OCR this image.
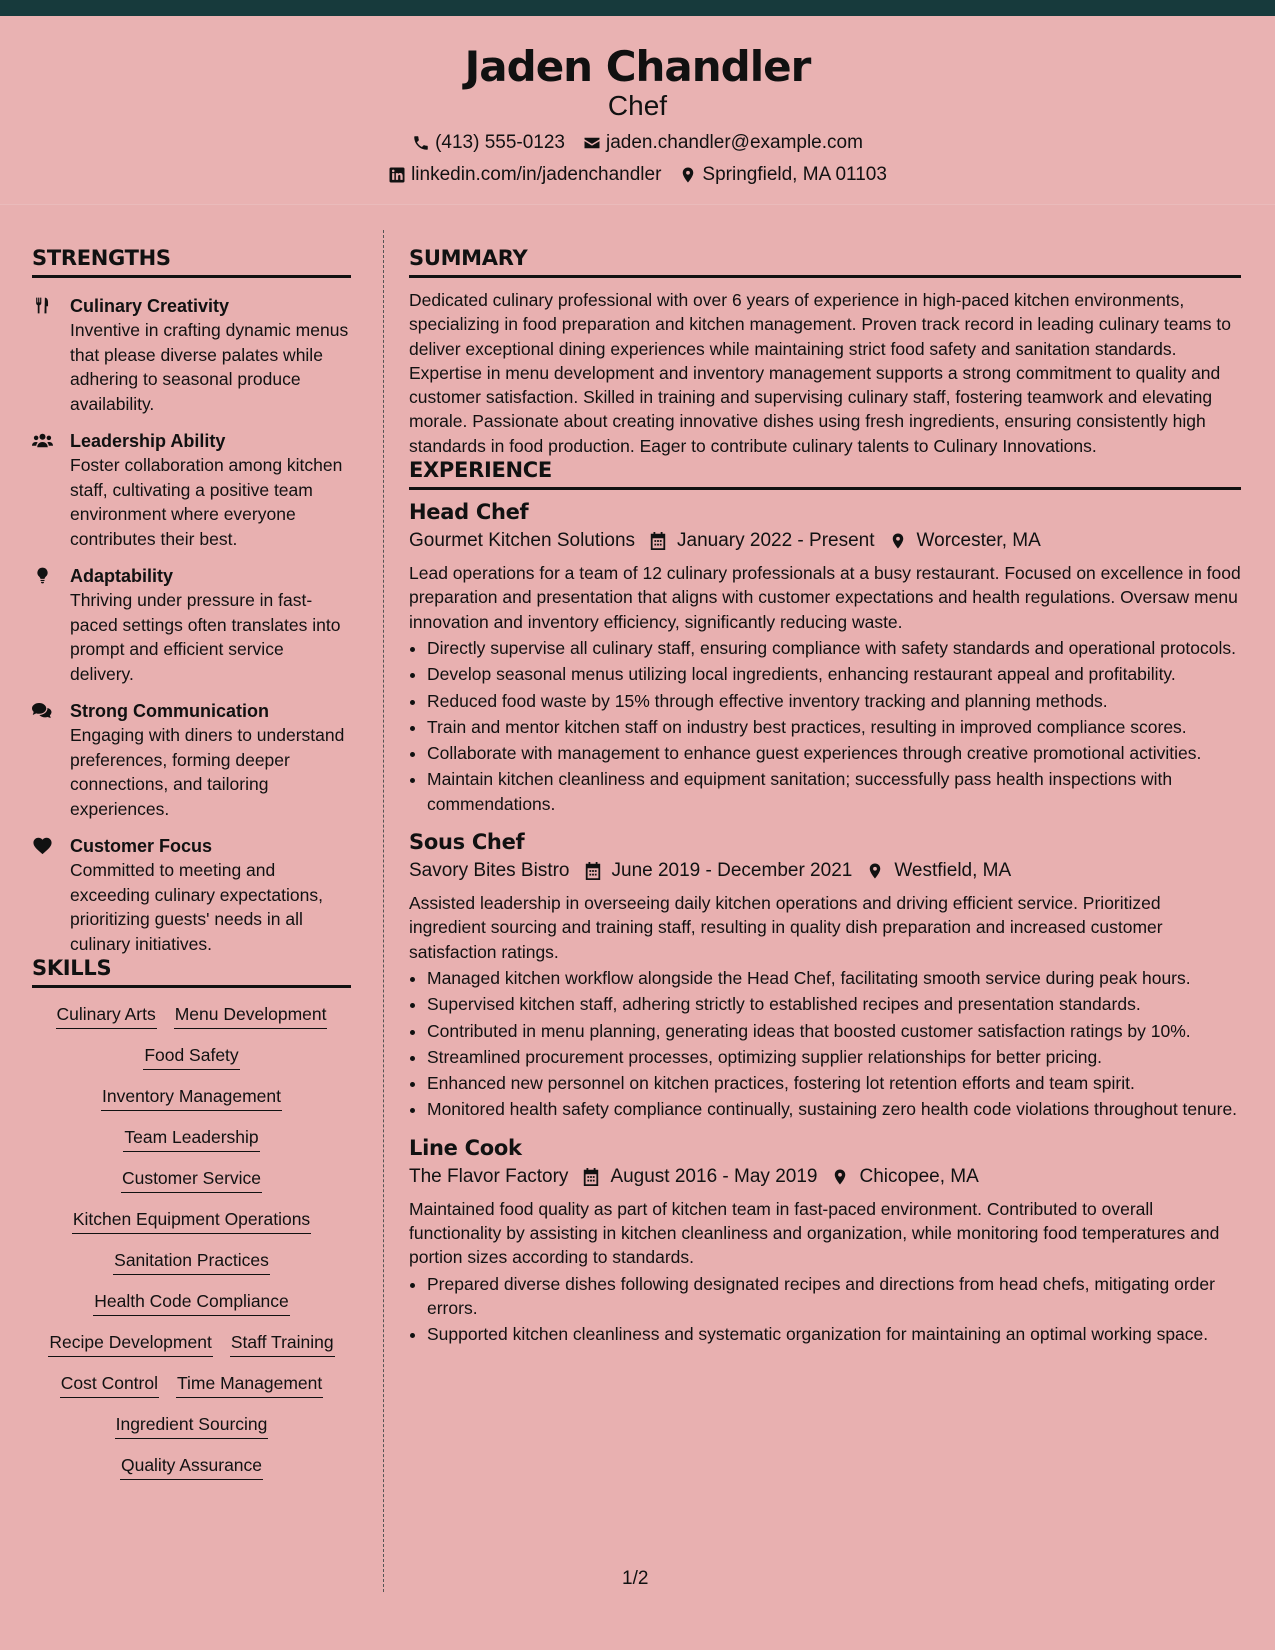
Jaden Chandler
Chef
(413) 555-0123 jaden.chandler@example.com
linkedin.com/in/jadenchandler Springfield, MA 01103
STRENGTHS
Culinary Creativity
Inventive in crafting dynamic menus that please diverse palates while adhering to seasonal produce availability.
Leadership Ability
Foster collaboration among kitchen staff, cultivating a positive team environment where everyone contributes their best.
Adaptability
Thriving under pressure in fast-paced settings often translates into prompt and efficient service delivery.
Strong Communication
Engaging with diners to understand preferences, forming deeper connections, and tailoring experiences.
Customer Focus
Committed to meeting and exceeding culinary expectations, prioritizing guests' needs in all culinary initiatives.
SKILLS
Culinary Arts Menu Development
Food Safety
Inventory Management
Team Leadership
Customer Service
Kitchen Equipment Operations
Sanitation Practices
Health Code Compliance
Recipe Development Staff Training
Cost Control Time Management
Ingredient Sourcing
Quality Assurance
SUMMARY
Dedicated culinary professional with over 6 years of experience in high-paced kitchen environments, specializing in food preparation and kitchen management. Proven track record in leading culinary teams to deliver exceptional dining experiences while maintaining strict food safety and sanitation standards. Expertise in menu development and inventory management supports a strong commitment to quality and customer satisfaction. Skilled in training and supervising culinary staff, fostering teamwork and elevating morale. Passionate about creating innovative dishes using fresh ingredients, ensuring consistently high standards in food production. Eager to contribute culinary talents to Culinary Innovations.
EXPERIENCE
Head Chef
Gourmet Kitchen Solutions January 2022 - Present Worcester, MA
Lead operations for a team of 12 culinary professionals at a busy restaurant. Focused on excellence in food preparation and presentation that aligns with customer expectations and health regulations. Oversaw menu innovation and inventory efficiency, significantly reducing waste.
• Directly supervise all culinary staff, ensuring compliance with safety standards and operational protocols.
• Develop seasonal menus utilizing local ingredients, enhancing restaurant appeal and profitability.
• Reduced food waste by 15% through effective inventory tracking and planning methods.
• Train and mentor kitchen staff on industry best practices, resulting in improved compliance scores.
• Collaborate with management to enhance guest experiences through creative promotional activities.
• Maintain kitchen cleanliness and equipment sanitation; successfully pass health inspections with commendations.
Sous Chef
Savory Bites Bistro June 2019 - December 2021 Westfield, MA
Assisted leadership in overseeing daily kitchen operations and driving efficient service. Prioritized ingredient sourcing and training staff, resulting in quality dish preparation and increased customer satisfaction ratings.
• Managed kitchen workflow alongside the Head Chef, facilitating smooth service during peak hours.
• Supervised kitchen staff, adhering strictly to established recipes and presentation standards.
• Contributed in menu planning, generating ideas that boosted customer satisfaction ratings by 10%.
• Streamlined procurement processes, optimizing supplier relationships for better pricing.
• Enhanced new personnel on kitchen practices, fostering lot retention efforts and team spirit.
• Monitored health safety compliance continually, sustaining zero health code violations throughout tenure.
Line Cook
The Flavor Factory August 2016 - May 2019 Chicopee, MA
Maintained food quality as part of kitchen team in fast-paced environment. Contributed to overall functionality by assisting in kitchen cleanliness and organization, while monitoring food temperatures and portion sizes according to standards.
• Prepared diverse dishes following designated recipes and directions from head chefs, mitigating order errors.
• Supported kitchen cleanliness and systematic organization for maintaining an optimal working space.
1/2
